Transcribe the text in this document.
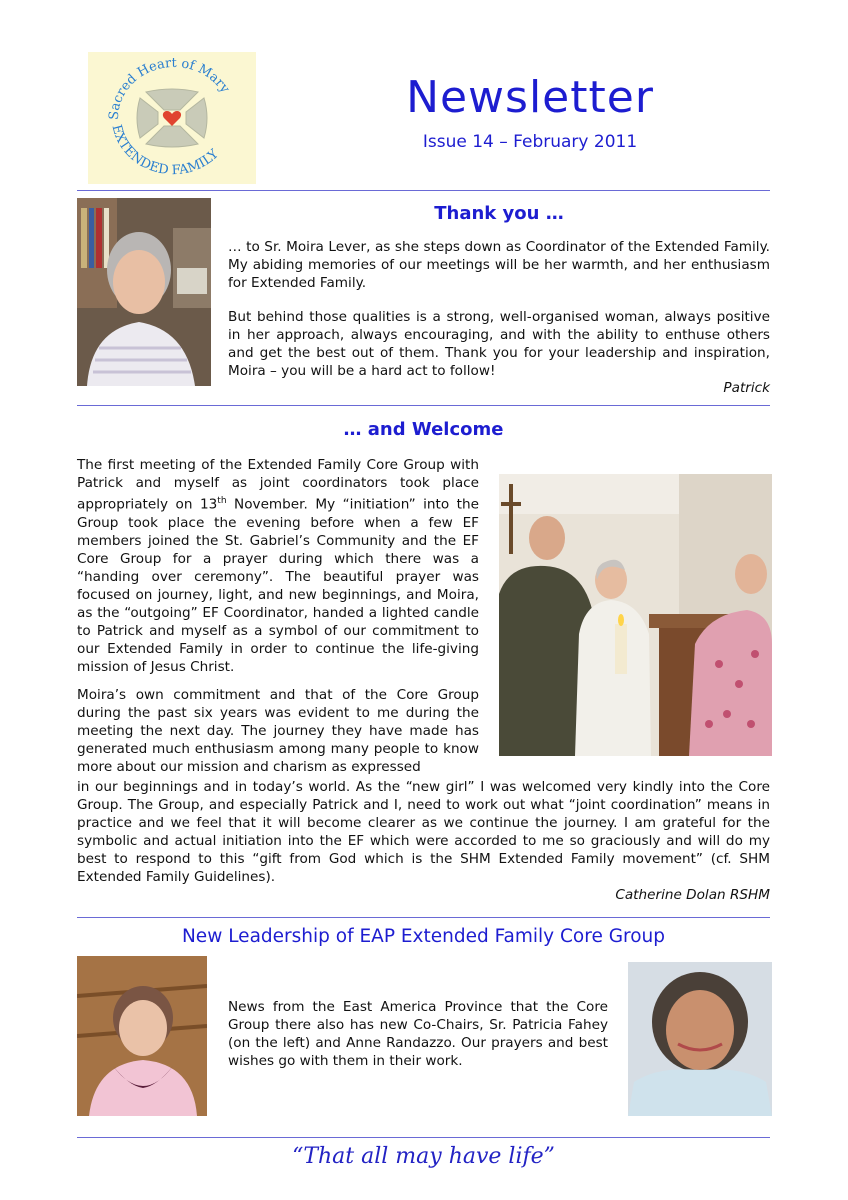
Sacred Heart of Mary
EXTENDED FAMILY
Newsletter
Issue 14 – February 2011
Thank you …
… to Sr. Moira Lever, as she steps down as Coordinator of the Extended Family. My abiding memories of our meetings will be her warmth, and her enthusiasm for Extended Family.
But behind those qualities is a strong, well-organised woman, always positive in her approach, always encouraging, and with the ability to enthuse others and get the best out of them. Thank you for your leadership and inspiration, Moira – you will be a hard act to follow!
Patrick
… and Welcome
The first meeting of the Extended Family Core Group with Patrick and myself as joint coordinators took place appropriately on 13th November. My “initiation” into the Group took place the evening before when a few EF members joined the St. Gabriel’s Community and the EF Core Group for a prayer during which there was a “handing over ceremony”. The beautiful prayer was focused on journey, light, and new beginnings, and Moira, as the “outgoing” EF Coordinator, handed a lighted candle to Patrick and myself as a symbol of our commitment to our Extended Family in order to continue the life-giving mission of Jesus Christ.
Moira’s own commitment and that of the Core Group during the past six years was evident to me during the meeting the next day. The journey they have made has generated much enthusiasm among many people to know more about our mission and charism as expressed
in our beginnings and in today’s world. As the “new girl” I was welcomed very kindly into the Core Group. The Group, and especially Patrick and I, need to work out what “joint coordination” means in practice and we feel that it will become clearer as we continue the journey. I am grateful for the symbolic and actual initiation into the EF which were accorded to me so graciously and will do my best to respond to this “gift from God which is the SHM Extended Family movement” (cf. SHM Extended Family Guidelines).
Catherine Dolan RSHM
New Leadership of EAP Extended Family Core Group
News from the East America Province that the Core Group there also has new Co-Chairs, Sr. Patricia Fahey (on the left) and Anne Randazzo. Our prayers and best wishes go with them in their work.
“That all may have life”
